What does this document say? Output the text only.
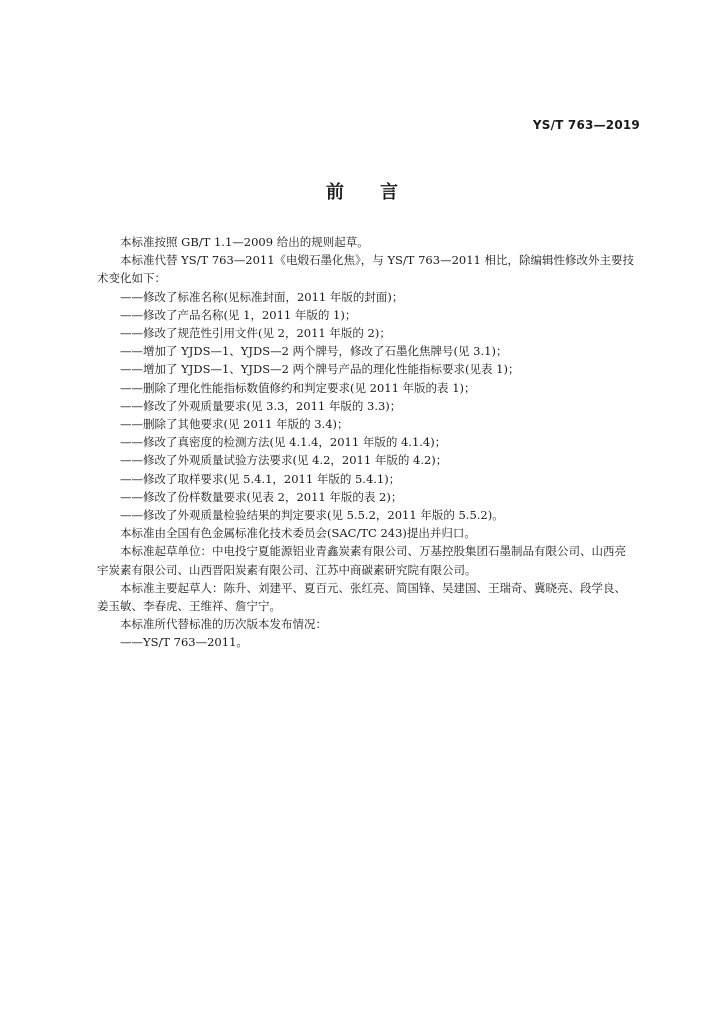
YS/T 763—2019
前 言

本标准按照 GB/T 1.1—2009 给出的规则起草。

本标准代替 YS/T 763—2011《电煅石墨化焦》，与 YS/T 763—2011 相比，除编辑性修改外主要技术变化如下：

——修改了标准名称(见标准封面，2011 年版的封面)；

——修改了产品名称(见 1，2011 年版的 1)；

——修改了规范性引用文件(见 2，2011 年版的 2)；

——增加了 YJDS—1、YJDS—2 两个牌号，修改了石墨化焦牌号(见 3.1)；

——增加了 YJDS—1、YJDS—2 两个牌号产品的理化性能指标要求(见表 1)；

——删除了理化性能指标数值修约和判定要求(见 2011 年版的表 1)；

——修改了外观质量要求(见 3.3，2011 年版的 3.3)；

——删除了其他要求(见 2011 年版的 3.4)；

——修改了真密度的检测方法(见 4.1.4，2011 年版的 4.1.4)；

——修改了外观质量试验方法要求(见 4.2，2011 年版的 4.2)；

——修改了取样要求(见 5.4.1，2011 年版的 5.4.1)；

——修改了份样数量要求(见表 2，2011 年版的表 2)；

——修改了外观质量检验结果的判定要求(见 5.5.2，2011 年版的 5.5.2)。

本标准由全国有色金属标准化技术委员会(SAC/TC 243)提出并归口。

本标准起草单位：中电投宁夏能源铝业青鑫炭素有限公司、万基控股集团石墨制品有限公司、山西亮宇炭素有限公司、山西晋阳炭素有限公司、江苏中商碳素研究院有限公司。

本标准主要起草人：陈升、刘建平、夏百元、张红亮、简国锋、吴建国、王瑞奇、冀晓亮、段学良、姜玉敏、李春虎、王维祥、詹宁宁。

本标准所代替标准的历次版本发布情况：

——YS/T 763—2011。
